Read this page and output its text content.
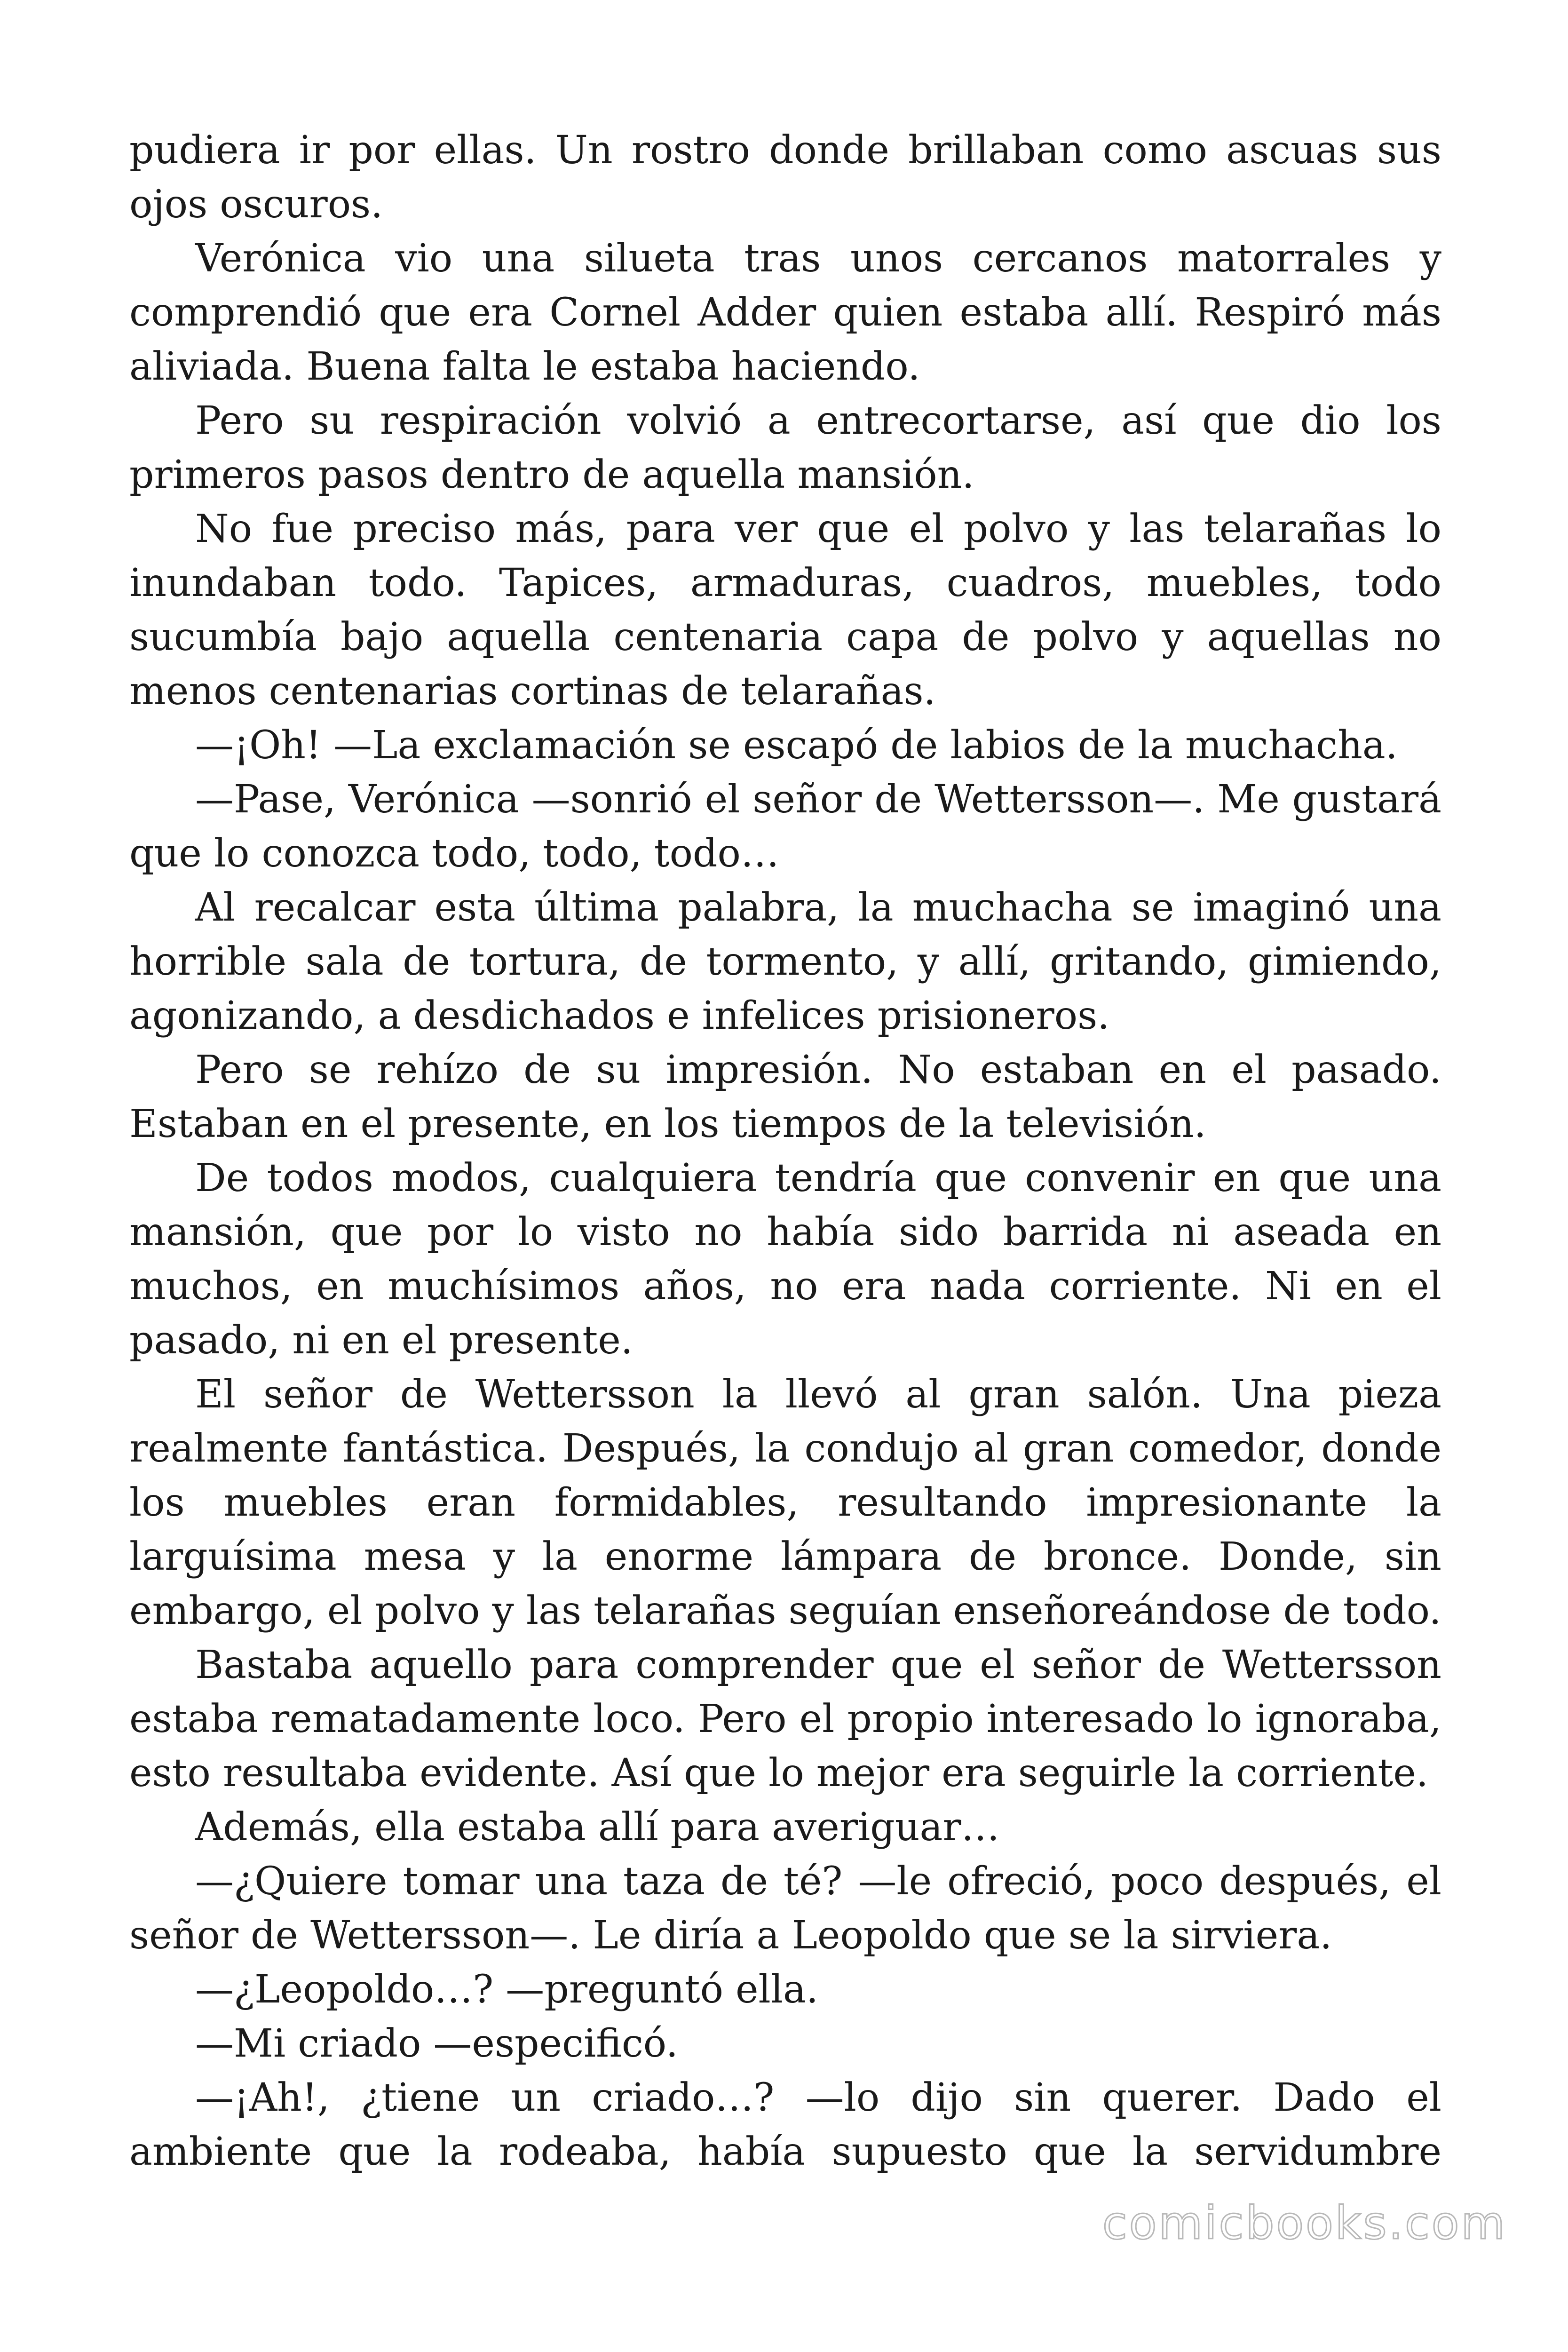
pudiera ir por ellas. Un rostro donde brillaban como ascuas sus ojos oscuros.

Verónica vio una silueta tras unos cercanos matorrales y comprendió que era Cornel Adder quien estaba allí. Respiró más aliviada. Buena falta le estaba haciendo.

Pero su respiración volvió a entrecortarse, así que dio los primeros pasos dentro de aquella mansión.

No fue preciso más, para ver que el polvo y las telarañas lo inundaban todo. Tapices, armaduras, cuadros, muebles, todo sucumbía bajo aquella centenaria capa de polvo y aquellas no menos centenarias cortinas de telarañas.

—¡Oh! —La exclamación se escapó de labios de la muchacha.

—Pase, Verónica —sonrió el señor de Wettersson—. Me gustará que lo conozca todo, todo, todo…

Al recalcar esta última palabra, la muchacha se imaginó una horrible sala de tortura, de tormento, y allí, gritando, gimiendo, agonizando, a desdichados e infelices prisioneros.

Pero se rehízo de su impresión. No estaban en el pasado. Estaban en el presente, en los tiempos de la televisión.

De todos modos, cualquiera tendría que convenir en que una mansión, que por lo visto no había sido barrida ni aseada en muchos, en muchísimos años, no era nada corriente. Ni en el pasado, ni en el presente.

El señor de Wettersson la llevó al gran salón. Una pieza realmente fantástica. Después, la condujo al gran comedor, donde los muebles eran formidables, resultando impresionante la larguísima mesa y la enorme lámpara de bronce. Donde, sin embargo, el polvo y las telarañas seguían enseñoreándose de todo.

Bastaba aquello para comprender que el señor de Wettersson estaba rematadamente loco. Pero el propio interesado lo ignoraba, esto resultaba evidente. Así que lo mejor era seguirle la corriente.

Además, ella estaba allí para averiguar…

—¿Quiere tomar una taza de té? —le ofreció, poco después, el señor de Wettersson—. Le diría a Leopoldo que se la sirviera.

—¿Leopoldo…? —preguntó ella.

—Mi criado —especificó.

—¡Ah!, ¿tiene un criado…? —lo dijo sin querer. Dado el ambiente que la rodeaba, había supuesto que la servidumbre

comicbooks.com
